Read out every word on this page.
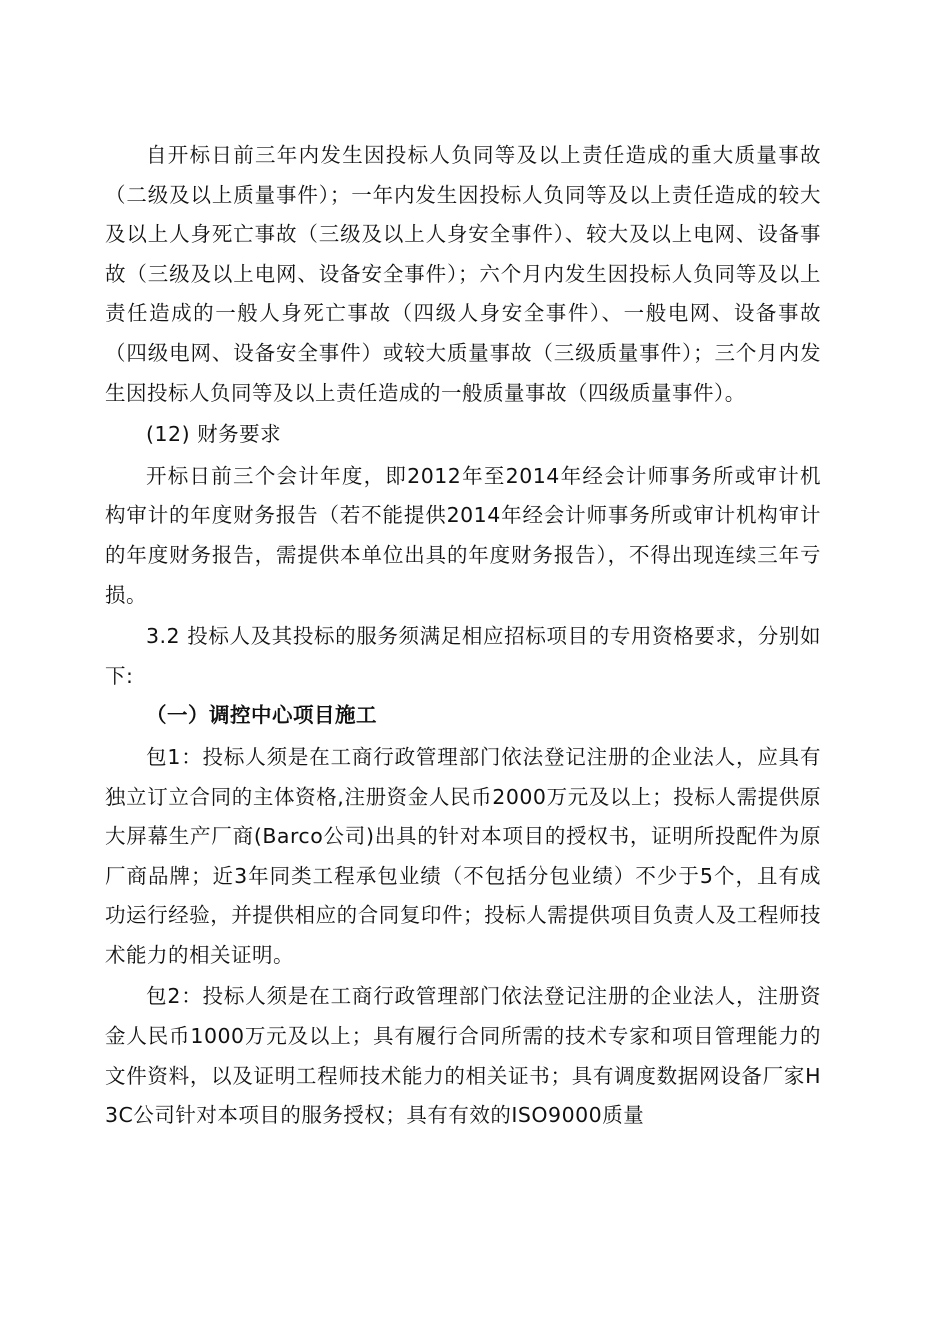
自开标日前三年内发生因投标人负同等及以上责任造成的重大质量事故（二级及以上质量事件）；一年内发生因投标人负同等及以上责任造成的较大及以上人身死亡事故（三级及以上人身安全事件）、较大及以上电网、设备事故（三级及以上电网、设备安全事件）；六个月内发生因投标人负同等及以上责任造成的一般人身死亡事故（四级人身安全事件）、一般电网、设备事故（四级电网、设备安全事件）或较大质量事故（三级质量事件）；三个月内发生因投标人负同等及以上责任造成的一般质量事故（四级质量事件）。

(12) 财务要求

开标日前三个会计年度，即2012年至2014年经会计师事务所或审计机构审计的年度财务报告（若不能提供2014年经会计师事务所或审计机构审计的年度财务报告，需提供本单位出具的年度财务报告），不得出现连续三年亏损。

3.2 投标人及其投标的服务须满足相应招标项目的专用资格要求，分别如下:

（一）调控中心项目施工

包1：投标人须是在工商行政管理部门依法登记注册的企业法人，应具有独立订立合同的主体资格,注册资金人民币2000万元及以上；投标人需提供原大屏幕生产厂商(Barco公司)出具的针对本项目的授权书，证明所投配件为原厂商品牌；近3年同类工程承包业绩（不包括分包业绩）不少于5个，且有成功运行经验，并提供相应的合同复印件；投标人需提供项目负责人及工程师技术能力的相关证明。

包2：投标人须是在工商行政管理部门依法登记注册的企业法人，注册资金人民币1000万元及以上；具有履行合同所需的技术专家和项目管理能力的文件资料，以及证明工程师技术能力的相关证书；具有调度数据网设备厂家H3C公司针对本项目的服务授权；具有有效的ISO9000质量
